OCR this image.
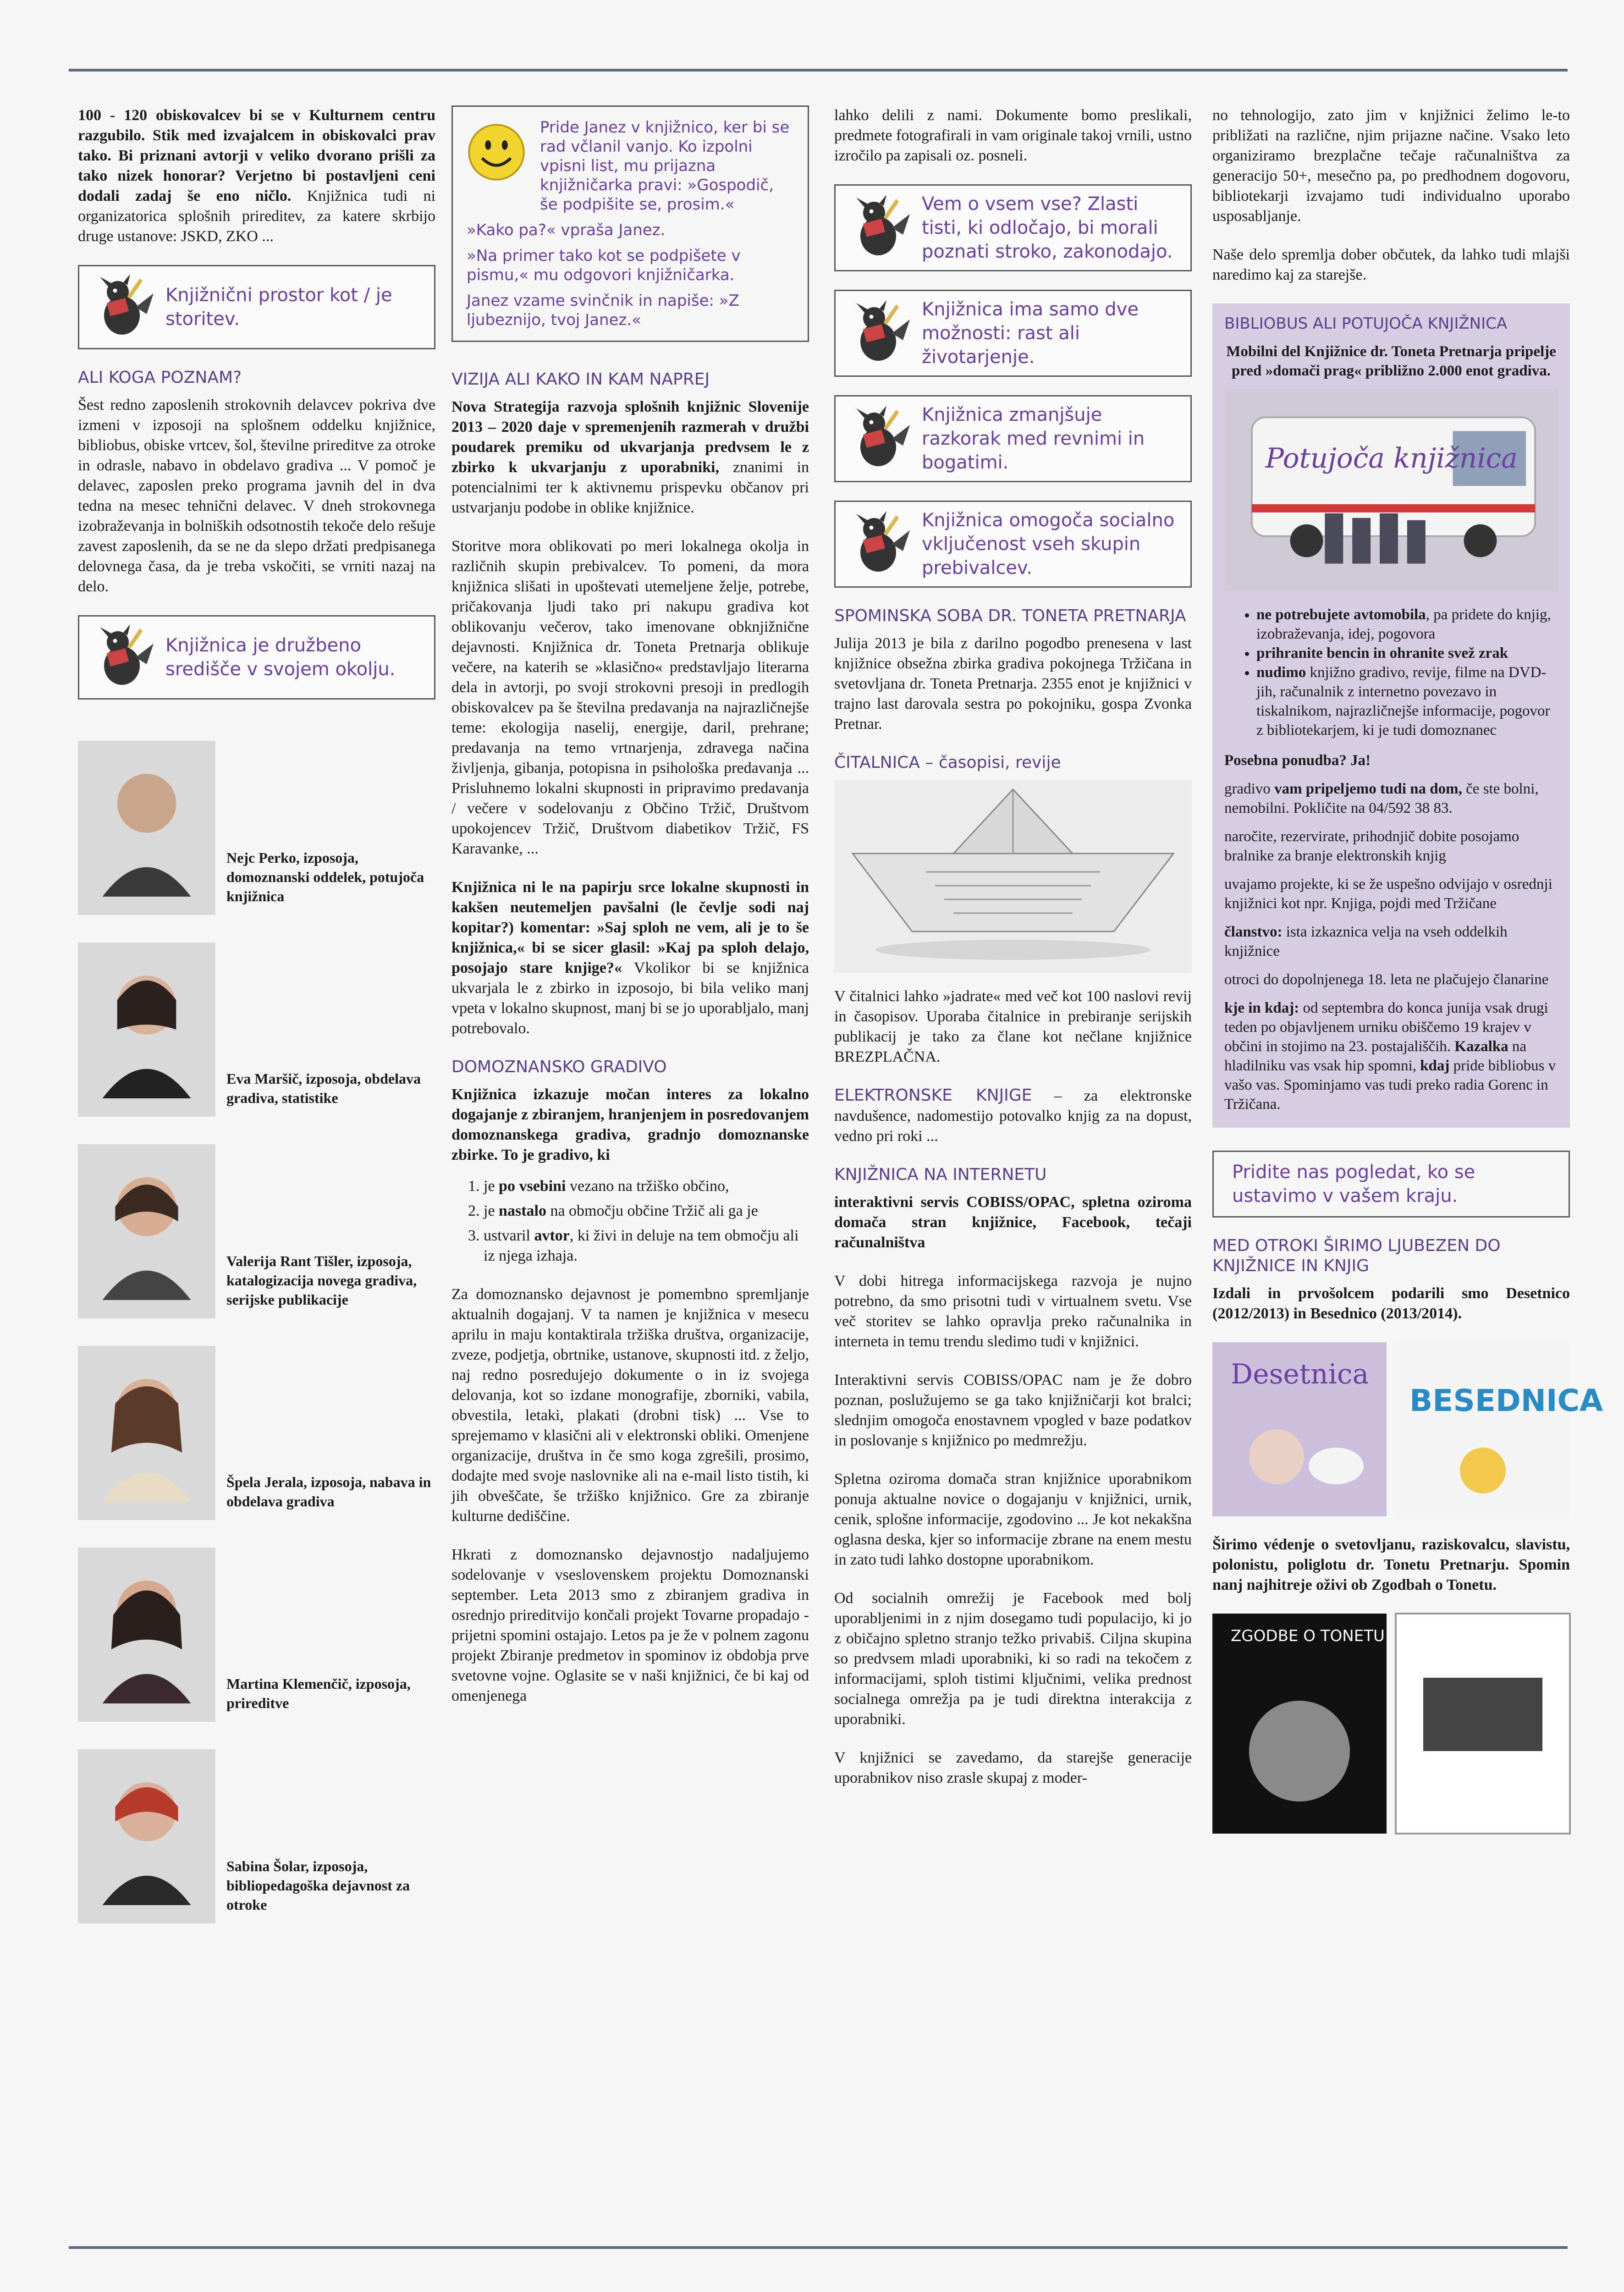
100 - 120 obiskovalcev bi se v Kulturnem centru razgubilo. Stik med izvajalcem in obiskovalci prav tako. Bi priznani avtorji v veliko dvorano prišli za tako nizek honorar? Verjetno bi postavljeni ceni dodali zadaj še eno ničlo. Knjižnica tudi ni organizatorica splošnih prireditev, za katere skrbijo druge ustanove: JSKD, ZKO ...

Knjižnični prostor kot / je storitev.
ALI KOGA POZNAM?

Šest redno zaposlenih strokovnih delavcev pokriva dve izmeni v izposoji na splošnem oddelku knjižnice, bibliobus, obiske vrtcev, šol, številne prireditve za otroke in odrasle, nabavo in obdelavo gradiva ... V pomoč je delavec, zaposlen preko programa javnih del in dva tedna na mesec tehnični delavec. V dneh strokovnega izobraževanja in bolniških odsotnostih tekoče delo rešuje zavest zaposlenih, da se ne da slepo držati predpisanega delovnega časa, da je treba vskočiti, se vrniti nazaj na delo.

Knjižnica je družbeno središče v svojem okolju.
Nejc Perko, izposoja, domoznanski oddelek, potujoča knjižnica
Eva Maršič, izposoja, obdelava gradiva, statistike
Valerija Rant Tišler, izposoja, katalogizacija novega gradiva, serijske publikacije
Špela Jerala, izposoja, nabava in obdelava gradiva
Martina Klemenčič, izposoja, prireditve
Sabina Šolar, izposoja, bibliopedagoška dejavnost za otroke
Pride Janez v knjižnico, ker bi se rad včlanil vanjo. Ko izpolni vpisni list, mu prijazna knjižničarka pravi: »Gospodič, še podpišite se, prosim.«
»Kako pa?« vpraša Janez.
»Na primer tako kot se podpišete v pismu,« mu odgovori knjižničarka.
Janez vzame svinčnik in napiše: »Z ljubeznijo, tvoj Janez.«
VIZIJA ALI KAKO IN KAM NAPREJ

Nova Strategija razvoja splošnih knjižnic Slovenije 2013 – 2020 daje v spremenjenih razmerah v družbi poudarek premiku od ukvarjanja predvsem le z zbirko k ukvarjanju z uporabniki, znanimi in potencialnimi ter k aktivnemu prispevku občanov pri ustvarjanju podobe in oblike knjižnice.

Storitve mora oblikovati po meri lokalnega okolja in različnih skupin prebivalcev. To pomeni, da mora knjižnica slišati in upoštevati utemeljene želje, potrebe, pričakovanja ljudi tako pri nakupu gradiva kot oblikovanju večerov, tako imenovane obknjižnične dejavnosti. Knjižnica dr. Toneta Pretnarja oblikuje večere, na katerih se »klasično« predstavljajo literarna dela in avtorji, po svoji strokovni presoji in predlogih obiskovalcev pa še številna predavanja na najrazličnejše teme: ekologija naselij, energije, daril, prehrane; predavanja na temo vrtnarjenja, zdravega načina življenja, gibanja, potopisna in psihološka predavanja ... Prisluhnemo lokalni skupnosti in pripravimo predavanja / večere v sodelovanju z Občino Tržič, Društvom upokojencev Tržič, Društvom diabetikov Tržič, FS Karavanke, ...

Knjižnica ni le na papirju srce lokalne skupnosti in kakšen neutemeljen pavšalni (le čevlje sodi naj kopitar?) komentar: »Saj sploh ne vem, ali je to še knjižnica,« bi se sicer glasil: »Kaj pa sploh delajo, posojajo stare knjige?« Vkolikor bi se knjižnica ukvarjala le z zbirko in izposojo, bi bila veliko manj vpeta v lokalno skupnost, manj bi se jo uporabljalo, manj potrebovalo.

DOMOZNANSKO GRADIVO

Knjižnica izkazuje močan interes za lokalno dogajanje z zbiranjem, hranjenjem in posredovanjem domoznanskega gradiva, gradnjo domoznanske zbirke. To je gradivo, ki

1. je po vsebini vezano na tržiško občino,
2. je nastalo na območju občine Tržič ali ga je
3. ustvaril avtor, ki živi in deluje na tem območju ali iz njega izhaja.

Za domoznansko dejavnost je pomembno spremljanje aktualnih dogajanj. V ta namen je knjižnica v mesecu aprilu in maju kontaktirala tržiška društva, organizacije, zveze, podjetja, obrtnike, ustanove, skupnosti itd. z željo, naj redno posredujejo dokumente o in iz svojega delovanja, kot so izdane monografije, zborniki, vabila, obvestila, letaki, plakati (drobni tisk) ... Vse to sprejemamo v klasični ali v elektronski obliki. Omenjene organizacije, društva in če smo koga zgrešili, prosimo, dodajte med svoje naslovnike ali na e-mail listo tistih, ki jih obveščate, še tržiško knjižnico. Gre za zbiranje kulturne dediščine.

Hkrati z domoznansko dejavnostjo nadaljujemo sodelovanje v vseslovenskem projektu Domoznanski september. Leta 2013 smo z zbiranjem gradiva in osrednjo prireditvijo končali projekt Tovarne propadajo - prijetni spomini ostajajo. Letos pa je že v polnem zagonu projekt Zbiranje predmetov in spominov iz obdobja prve svetovne vojne. Oglasite se v naši knjižnici, če bi kaj od omenjenega

lahko delili z nami. Dokumente bomo preslikali, predmete fotografirali in vam originale takoj vrnili, ustno izročilo pa zapisali oz. posneli.

Vem o vsem vse? Zlasti tisti, ki odločajo, bi morali poznati stroko, zakonodajo.
Knjižnica ima samo dve možnosti: rast ali životarjenje.
Knjižnica zmanjšuje razkorak med revnimi in bogatimi.
Knjižnica omogoča socialno vključenost vseh skupin prebivalcev.
SPOMINSKA SOBA DR. TONETA PRETNARJA

Julija 2013 je bila z darilno pogodbo prenesena v last knjižnice obsežna zbirka gradiva pokojnega Tržičana in svetovljana dr. Toneta Pretnarja. 2355 enot je knjižnici v trajno last darovala sestra po pokojniku, gospa Zvonka Pretnar.

ČITALNICA – časopisi, revije

V čitalnici lahko »jadrate« med več kot 100 naslovi revij in časopisov. Uporaba čitalnice in prebiranje serijskih publikacij je tako za člane kot nečlane knjižnice BREZPLAČNA.

ELEKTRONSKE KNJIGE – za elektronske navdušence, nadomestijo potovalko knjig za na dopust, vedno pri roki ...

KNJIŽNICA NA INTERNETU

interaktivni servis COBISS/OPAC, spletna oziroma domača stran knjižnice, Facebook, tečaji računalništva

V dobi hitrega informacijskega razvoja je nujno potrebno, da smo prisotni tudi v virtualnem svetu. Vse več storitev se lahko opravlja preko računalnika in interneta in temu trendu sledimo tudi v knjižnici.

Interaktivni servis COBISS/OPAC nam je že dobro poznan, poslužujemo se ga tako knjižničarji kot bralci; slednjim omogoča enostavnem vpogled v baze podatkov in poslovanje s knjižnico po medmrežju.

Spletna oziroma domača stran knjižnice uporabnikom ponuja aktualne novice o dogajanju v knjižnici, urnik, cenik, splošne informacije, zgodovino ... Je kot nekakšna oglasna deska, kjer so informacije zbrane na enem mestu in zato tudi lahko dostopne uporabnikom.

Od socialnih omrežij je Facebook med bolj uporabljenimi in z njim dosegamo tudi populacijo, ki jo z običajno spletno stranjo težko privabiš. Ciljna skupina so predvsem mladi uporabniki, ki so radi na tekočem z informacijami, sploh tistimi ključnimi, velika prednost socialnega omrežja pa je tudi direktna interakcija z uporabniki.

V knjižnici se zavedamo, da starejše generacije uporabnikov niso zrasle skupaj z moder-

no tehnologijo, zato jim v knjižnici želimo le-to približati na različne, njim prijazne načine. Vsako leto organiziramo brezplačne tečaje računalništva za generacijo 50+, mesečno pa, po predhodnem dogovoru, bibliotekarji izvajamo tudi individualno uporabo usposabljanje.

Naše delo spremlja dober občutek, da lahko tudi mlajši naredimo kaj za starejše.

BIBLIOBUS ALI POTUJOČA KNJIŽNICA

Mobilni del Knjižnice dr. Toneta Pretnarja pripelje pred »domači prag« približno 2.000 enot gradiva.

Potujoča knjižnica
• ne potrebujete avtomobila, pa pridete do knjig, izobraževanja, idej, pogovora
• prihranite bencin in ohranite svež zrak
• nudimo knjižno gradivo, revije, filme na DVD-jih, računalnik z internetno povezavo in tiskalnikom, najrazličnejše informacije, pogovor z bibliotekarjem, ki je tudi domoznanec

Posebna ponudba? Ja!

gradivo vam pripeljemo tudi na dom, če ste bolni, nemobilni. Pokličite na 04/592 38 83.

naročite, rezervirate, prihodnjič dobite posojamo bralnike za branje elektronskih knjig

uvajamo projekte, ki se že uspešno odvijajo v osrednji knjižnici kot npr. Knjiga, pojdi med Tržičane

članstvo: ista izkaznica velja na vseh oddelkih knjižnice

otroci do dopolnjenega 18. leta ne plačujejo članarine

kje in kdaj: od septembra do konca junija vsak drugi teden po objavljenem urniku obiščemo 19 krajev v občini in stojimo na 23. postajališčih. Kazalka na hladilniku vas vsak hip spomni, kdaj pride bibliobus v vašo vas. Spominjamo vas tudi preko radia Gorenc in Tržičana.

Pridite nas pogledat, ko se ustavimo v vašem kraju.
MED OTROKI ŠIRIMO LJUBEZEN DO KNJIŽNICE IN KNJIG

Izdali in prvošolcem podarili smo Desetnico (2012/2013) in Besednico (2013/2014).

Desetnica
BESEDNICA

Širimo védenje o svetovljanu, raziskovalcu, slavistu, polonistu, poliglotu dr. Tonetu Pretnarju. Spomin nanj najhitreje oživi ob Zgodbah o Tonetu.

ZGODBE O TONETU
